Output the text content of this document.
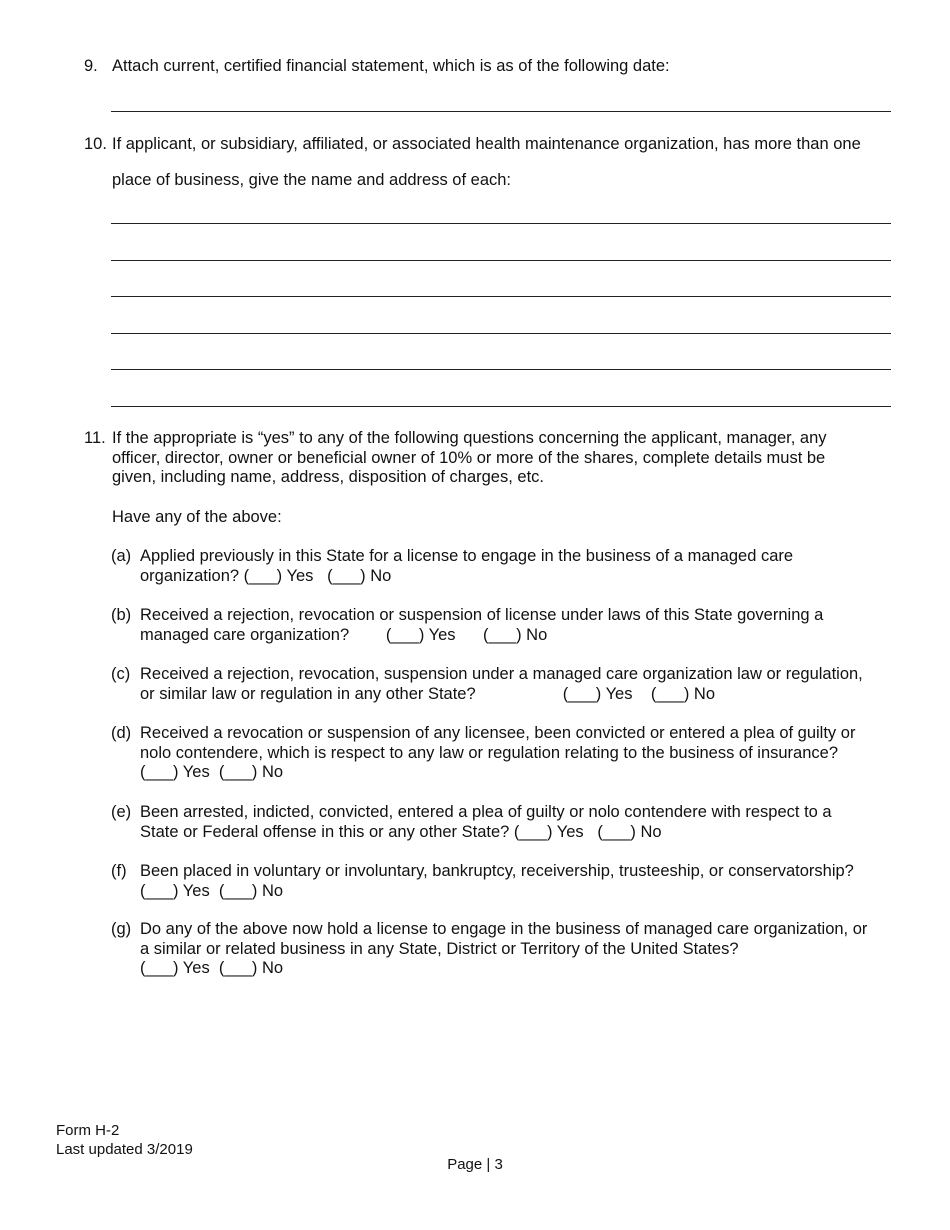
9. Attach current, certified financial statement, which is as of the following date:
10. If applicant, or subsidiary, affiliated, or associated health maintenance organization, has more than one
place of business, give the name and address of each:
11. If the appropriate is “yes” to any of the following questions concerning the applicant, manager, any
officer, director, owner or beneficial owner of 10% or more of the shares, complete details must be
given, including name, address, disposition of charges, etc.
Have any of the above:
(a) Applied previously in this State for a license to engage in the business of a managed care
organization? (___) Yes   (___) No
(b) Received a rejection, revocation or suspension of license under laws of this State governing a
managed care organization?        (___) Yes      (___) No
(c) Received a rejection, revocation, suspension under a managed care organization law or regulation,
or similar law or regulation in any other State?                   (___) Yes    (___) No
(d) Received a revocation or suspension of any licensee, been convicted or entered a plea of guilty or
nolo contendere, which is respect to any law or regulation relating to the business of insurance?
(___) Yes  (___) No
(e) Been arrested, indicted, convicted, entered a plea of guilty or nolo contendere with respect to a
State or Federal offense in this or any other State? (___) Yes   (___) No
(f) Been placed in voluntary or involuntary, bankruptcy, receivership, trusteeship, or conservatorship?
(___) Yes  (___) No
(g) Do any of the above now hold a license to engage in the business of managed care organization, or
a similar or related business in any State, District or Territory of the United States?
(___) Yes  (___) No
Form H-2
Last updated 3/2019
Page | 3
